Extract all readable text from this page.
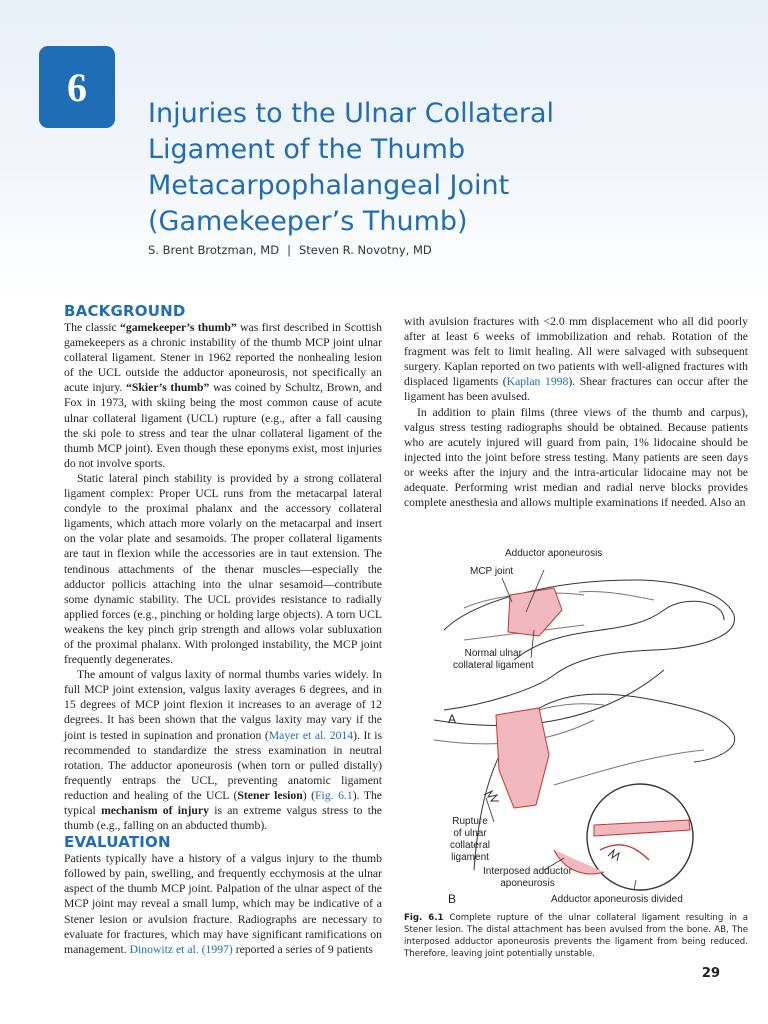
6
Injuries to the Ulnar Collateral
Ligament of the Thumb
Metacarpophalangeal Joint
(Gamekeeper’s Thumb)
S. Brent Brotzman, MD | Steven R. Novotny, MD
BACKGROUND

The classic “gamekeeper’s thumb” was first described in Scottish gamekeepers as a chronic instability of the thumb MCP joint ulnar collateral ligament. Stener in 1962 reported the nonhealing lesion of the UCL outside the adductor aponeurosis, not specifically an acute injury. “Skier’s thumb” was coined by Schultz, Brown, and Fox in 1973, with skiing being the most common cause of acute ulnar collateral ligament (UCL) rupture (e.g., after a fall causing the ski pole to stress and tear the ulnar collateral ligament of the thumb MCP joint). Even though these eponyms exist, most injuries do not involve sports.

Static lateral pinch stability is provided by a strong collateral ligament complex: Proper UCL runs from the metacarpal lateral condyle to the proximal phalanx and the accessory collateral ligaments, which attach more volarly on the metacarpal and insert on the volar plate and sesamoids. The proper collateral ligaments are taut in flexion while the accessories are in taut extension. The tendinous attachments of the thenar muscles—especially the adductor pollicis attaching into the ulnar sesamoid—contribute some dynamic stability. The UCL provides resistance to radially applied forces (e.g., pinching or holding large objects). A torn UCL weakens the key pinch grip strength and allows volar subluxation of the proximal phalanx. With prolonged instability, the MCP joint frequently degenerates.

The amount of valgus laxity of normal thumbs varies widely. In full MCP joint extension, valgus laxity averages 6 degrees, and in 15 degrees of MCP joint flexion it increases to an average of 12 degrees. It has been shown that the valgus laxity may vary if the joint is tested in supination and pronation (Mayer et al. 2014). It is recommended to standardize the stress examination in neutral rotation. The adductor aponeurosis (when torn or pulled distally) frequently entraps the UCL, preventing anatomic ligament reduction and healing of the UCL (Stener lesion) (Fig. 6.1). The typical mechanism of injury is an extreme valgus stress to the thumb (e.g., falling on an abducted thumb).

EVALUATION

Patients typically have a history of a valgus injury to the thumb followed by pain, swelling, and frequently ecchymosis at the ulnar aspect of the thumb MCP joint. Palpation of the ulnar aspect of the MCP joint may reveal a small lump, which may be indicative of a Stener lesion or avulsion fracture. Radiographs are necessary to evaluate for fractures, which may have significant ramifications on management. Dinowitz et al. (1997) reported a series of 9 patients

with avulsion fractures with <2.0 mm displacement who all did poorly after at least 6 weeks of immobilization and rehab. Rotation of the fragment was felt to limit healing. All were salvaged with subsequent surgery. Kaplan reported on two patients with well-aligned fractures with displaced ligaments (Kaplan 1998). Shear fractures can occur after the ligament has been avulsed.

In addition to plain films (three views of the thumb and carpus), valgus stress testing radiographs should be obtained. Because patients who are acutely injured will guard from pain, 1% lidocaine should be injected into the joint before stress testing. Many patients are seen days or weeks after the injury and the intra-articular lidocaine may not be adequate. Performing wrist median and radial nerve blocks provides complete anesthesia and allows multiple examinations if needed. Also an

Adductor aponeurosis
MCP joint
Normal ulnar
collateral ligament
A
Rupture
of ulnar
collateral
ligament
Interposed adductor
aponeurosis
B	Adductor aponeurosis divided
Fig. 6.1 Complete rupture of the ulnar collateral ligament resulting in a Stener lesion. The distal attachment has been avulsed from the bone. AB, The interposed adductor aponeurosis prevents the ligament from being reduced. Therefore, leaving joint potentially unstable.
29
